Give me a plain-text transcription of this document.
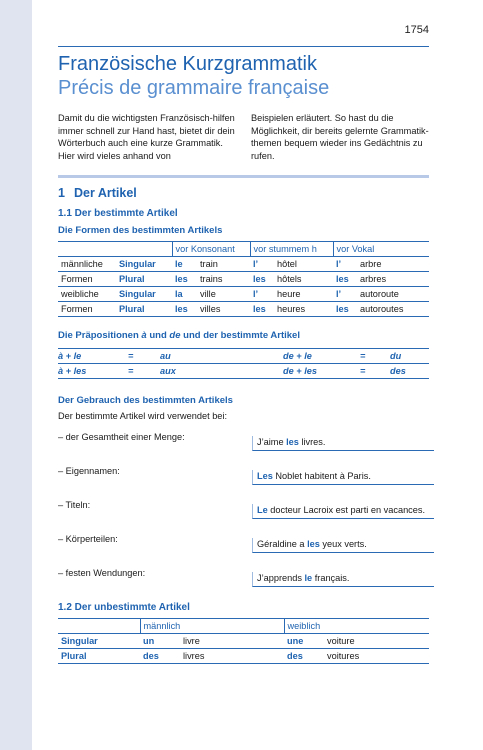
1754
Französische Kurzgrammatik
Précis de grammaire française
Damit du die wichtigsten Französisch-hilfen immer schnell zur Hand hast, bietet dir dein Wörterbuch auch eine kurze Grammatik. Hier wird vieles anhand von
Beispielen erläutert. So hast du die Möglichkeit, dir bereits gelernte Grammatik-themen bequem wieder ins Gedächtnis zu rufen.
1 Der Artikel
1.1 Der bestimmte Artikel
Die Formen des bestimmten Artikels
		vor Konsonant		vor stummem h		vor Vokal	
männliche	Singular	le	train	l’	hôtel	l’	arbre
Formen	Plural	les	trains	les	hôtels	les	arbres
weibliche	Singular	la	ville	l’	heure	l’	autoroute
Formen	Plural	les	villes	les	heures	les	autoroutes
Die Präpositionen à und de und der bestimmte Artikel
à + le	=	au	de + le	=	du
à + les	=	aux	de + les	=	des
Der Gebrauch des bestimmten Artikels
Der bestimmte Artikel wird verwendet bei:
– der Gesamtheit einer Menge:	J’aime les livres.
– Eigennamen:	Les Noblet habitent à Paris.
– Titeln:	Le docteur Lacroix est parti en vacances.
– Körperteilen:	Géraldine a les yeux verts.
– festen Wendungen:	J’apprends le français.
1.2 Der unbestimmte Artikel
	männlich		weiblich	
Singular	un	livre	une	voiture
Plural	des	livres	des	voitures
